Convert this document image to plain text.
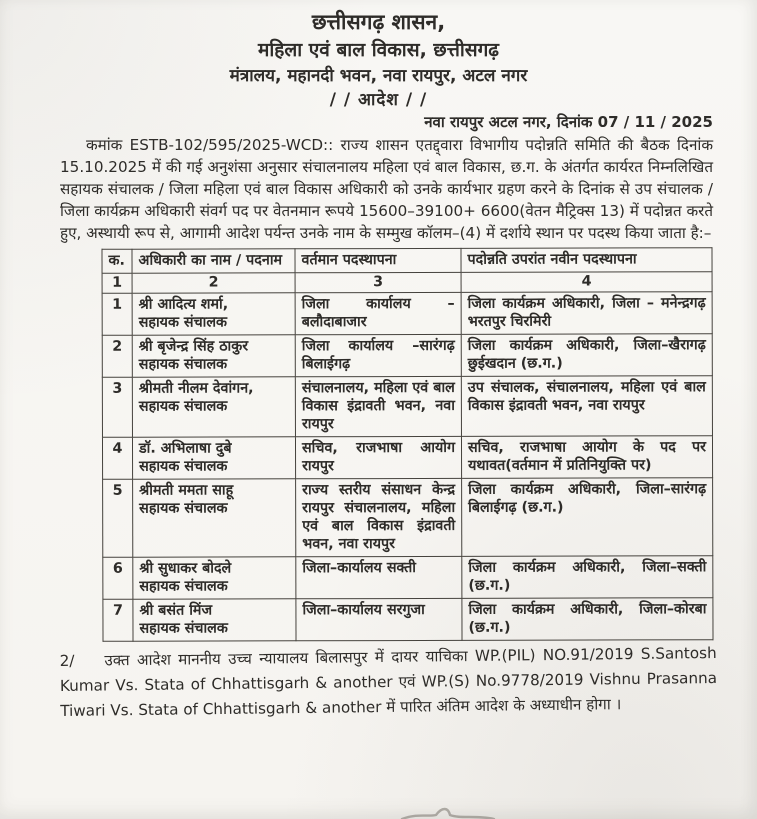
छत्तीसगढ़ शासन,
महिला एवं बाल विकास, छत्तीसगढ़
मंत्रालय, महानदी भवन, नवा रायपुर, अटल नगर
/ / आदेश / /
नवा रायपुर अटल नगर, दिनांक 07 / 11 / 2025

कमांक ESTB-102/595/2025-WCD:: राज्य शासन एतद्द्वारा विभागीय पदोन्नति समिति की बैठक दिनांक 15.10.2025 में की गई अनुशंसा अनुसार संचालनालय महिला एवं बाल विकास, छ.ग. के अंतर्गत कार्यरत निम्नलिखित सहायक संचालक / जिला महिला एवं बाल विकास अधिकारी को उनके कार्यभार ग्रहण करने के दिनांक से उप संचालक / जिला कार्यक्रम अधिकारी संवर्ग पद पर वेतनमान रूपये 15600–39100+ 6600(वेतन मैट्रिक्स 13) में पदोन्नत करते हुए, अस्थायी रूप से, आगामी आदेश पर्यन्त उनके नाम के सम्मुख कॉलम–(4) में दर्शाये स्थान पर पदस्थ किया जाता है:–

क.	अधिकारी का नाम / पदनाम	वर्तमान पदस्थापना	पदोन्नति उपरांत नवीन पदस्थापना
1	2	3	4
1	श्री आदित्य शर्मा,
सहायक संचालक	जिला कार्यालय –बलौदाबाजार	जिला कार्यक्रम अधिकारी, जिला – मनेन्द्रगढ़ भरतपुर चिरमिरी
2	श्री बृजेन्द्र सिंह ठाकुर
सहायक संचालक	जिला कार्यालय –सारंगढ़ बिलाईगढ़	जिला कार्यक्रम अधिकारी, जिला–खैरागढ़ छुईखदान (छ.ग.)
3	श्रीमती नीलम देवांगन,
सहायक संचालक	संचालनालय, महिला एवं बाल विकास इंद्रावती भवन, नवा रायपुर	उप संचालक, संचालनालय, महिला एवं बाल विकास इंद्रावती भवन, नवा रायपुर
4	डॉ. अभिलाषा दुबे
सहायक संचालक	सचिव, राजभाषा आयोग रायपुर	सचिव, राजभाषा आयोग के पद पर यथावत(वर्तमान में प्रतिनियुक्ति पर)
5	श्रीमती ममता साहू
सहायक संचालक	राज्य स्तरीय संसाधन केन्द्र रायपुर संचालनालय, महिला एवं बाल विकास इंद्रावती भवन, नवा रायपुर	जिला कार्यक्रम अधिकारी, जिला–सारंगढ़ बिलाईगढ़ (छ.ग.)
6	श्री सुधाकर बोदले
सहायक संचालक	जिला–कार्यालय सक्ती	जिला कार्यक्रम अधिकारी, जिला–सक्ती (छ.ग.)
7	श्री बसंत मिंज
सहायक संचालक	जिला–कार्यालय सरगुजा	जिला कार्यक्रम अधिकारी, जिला–कोरबा (छ.ग.)

2/ उक्त आदेश माननीय उच्च न्यायालय बिलासपुर में दायर याचिका WP.(PIL) NO.91/2019 S.Santosh Kumar Vs. Stata of Chhattisgarh & another एवं WP.(S) No.9778/2019 Vishnu Prasanna Tiwari Vs. Stata of Chhattisgarh & another में पारित अंतिम आदेश के अध्याधीन होगा ।
